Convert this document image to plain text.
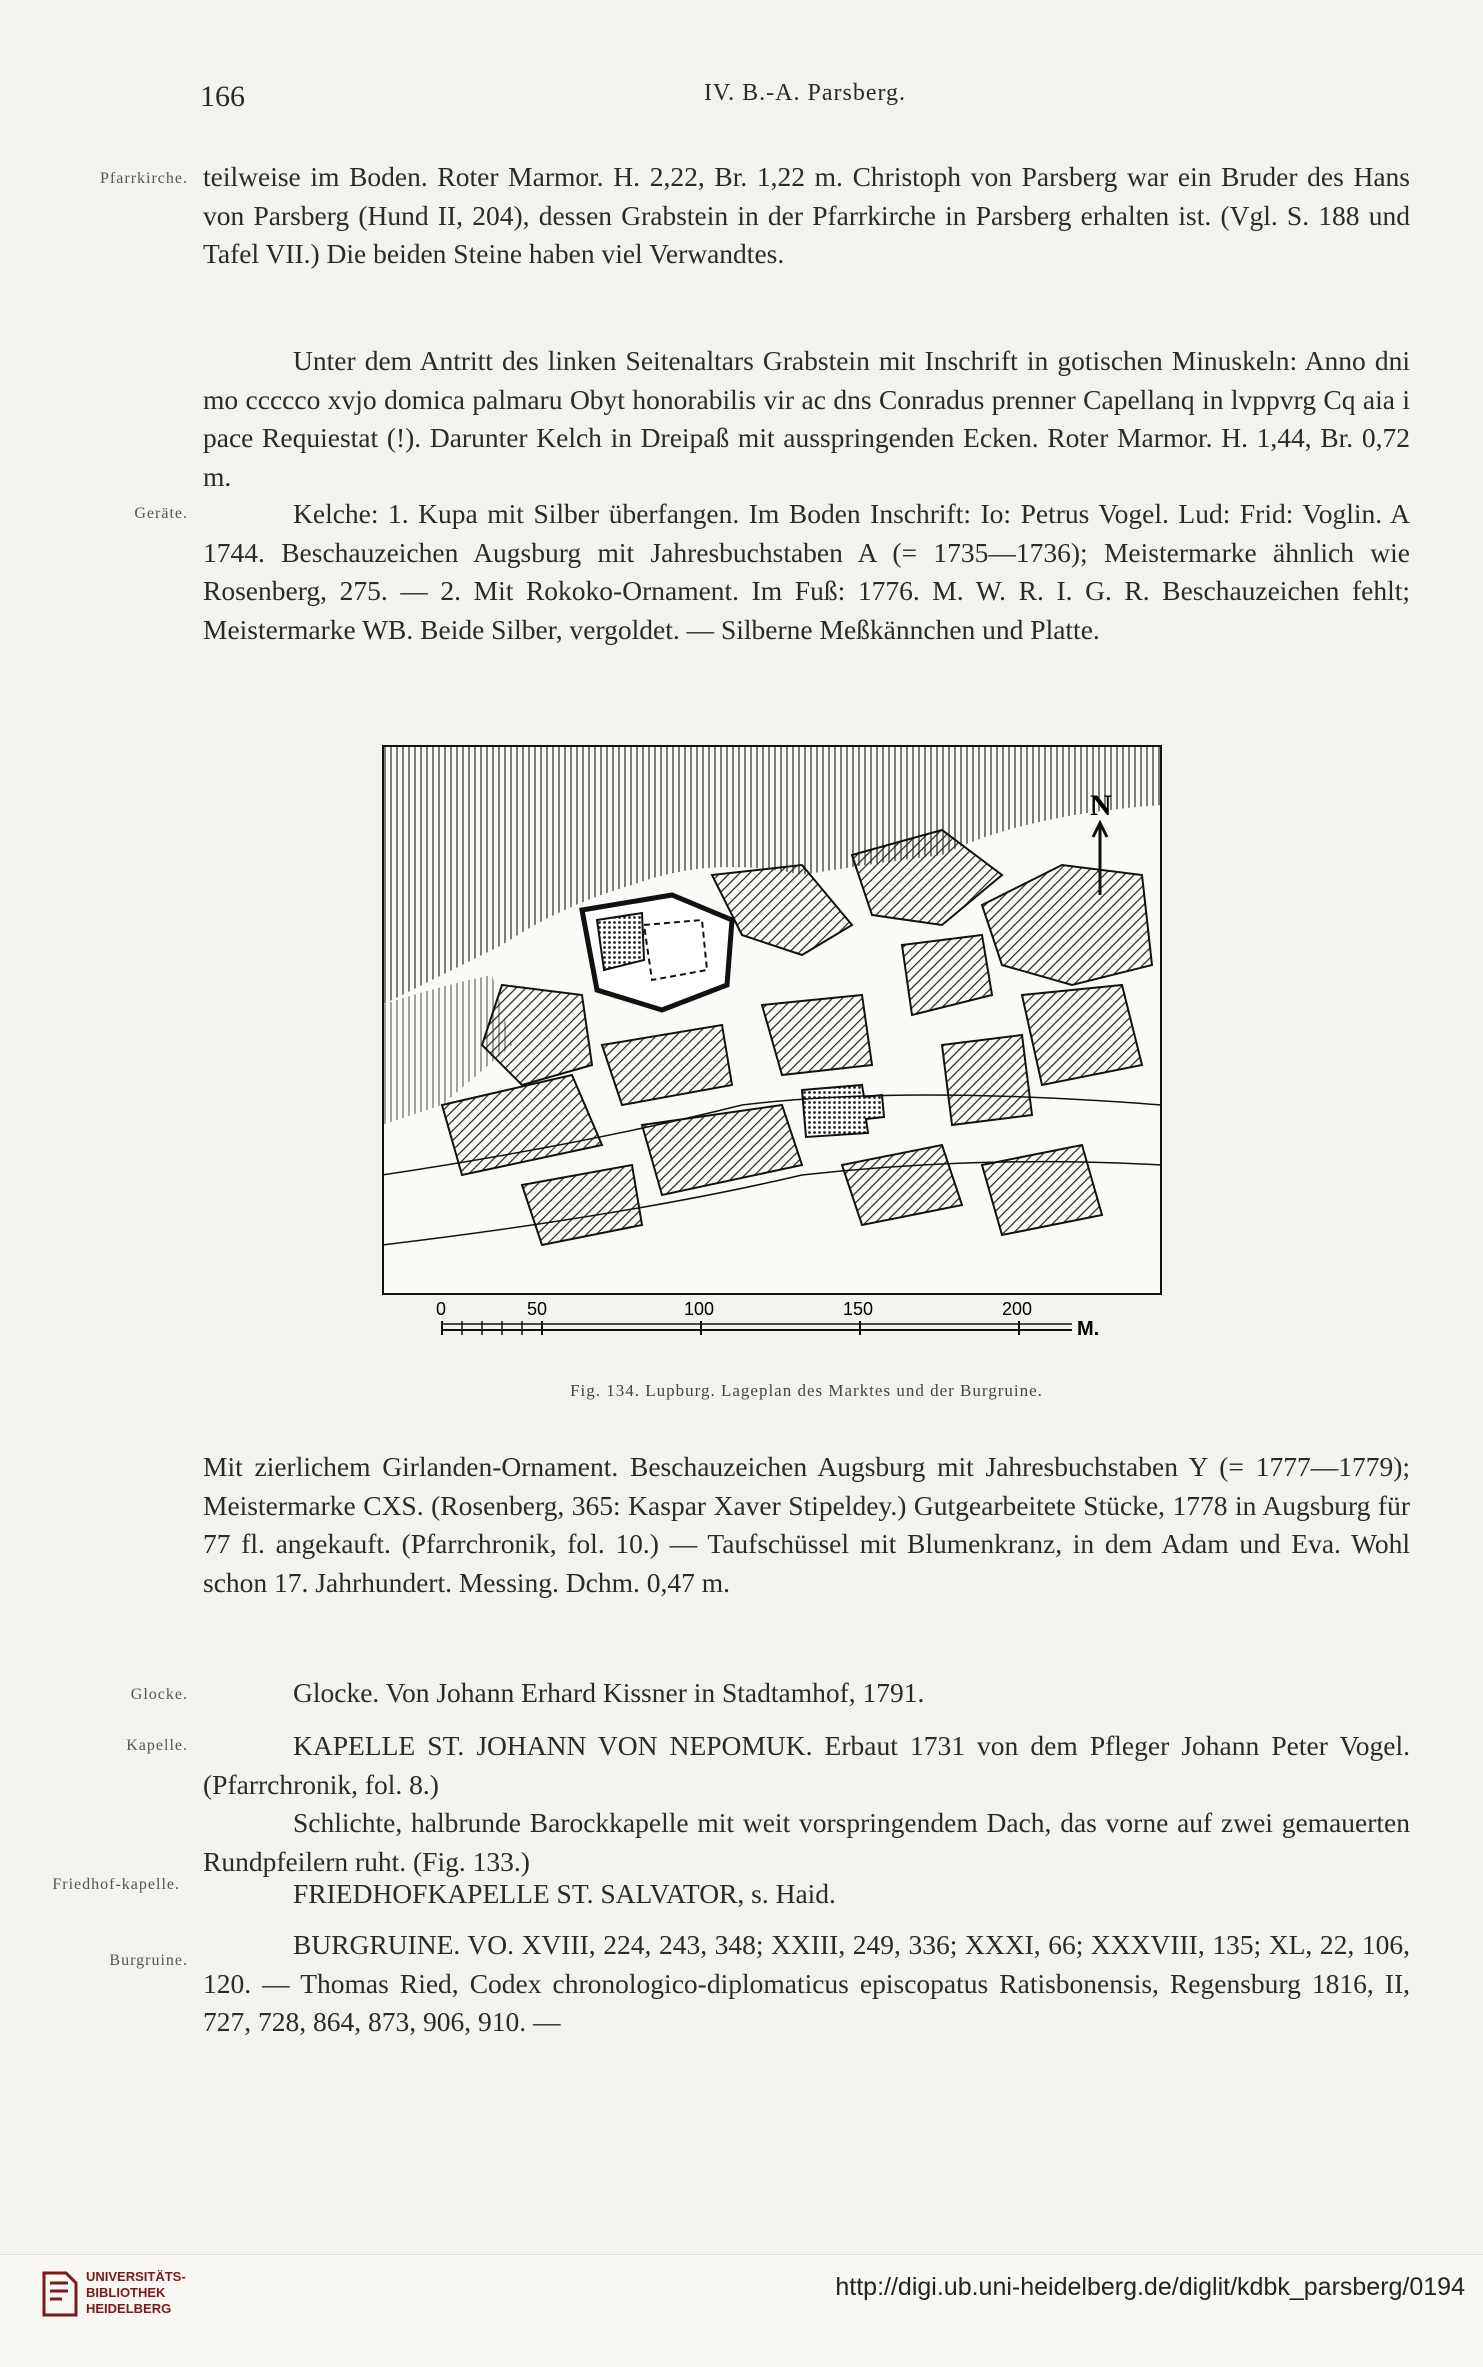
166	IV. B.-A. Parsberg.
Pfarrkirche.
Geräte.
Glocke.
Kapelle.
Friedhof-kapelle.
Burgruine.

teilweise im Boden. Roter Marmor. H. 2,22, Br. 1,22 m. Christoph von Parsberg war ein Bruder des Hans von Parsberg (Hund II, 204), dessen Grabstein in der Pfarrkirche in Parsberg erhalten ist. (Vgl. S. 188 und Tafel VII.) Die beiden Steine haben viel Verwandtes.

Unter dem Antritt des linken Seitenaltars Grabstein mit Inschrift in gotischen Minuskeln: Anno dni mo ccccco xvjo domica palmaru Obyt honorabilis vir ac dns Conradus prenner Capellanq in lvppvrg Cq aia i pace Requiestat (!). Darunter Kelch in Dreipaß mit ausspringenden Ecken. Roter Marmor. H. 1,44, Br. 0,72 m.

Kelche: 1. Kupa mit Silber überfangen. Im Boden Inschrift: Io: Petrus Vogel. Lud: Frid: Voglin. A 1744. Beschauzeichen Augsburg mit Jahresbuchstaben A (= 1735—1736); Meistermarke ähnlich wie Rosenberg, 275. — 2. Mit Rokoko-Ornament. Im Fuß: 1776. M. W. R. I. G. R. Beschauzeichen fehlt; Meistermarke WB. Beide Silber, vergoldet. — Silberne Meßkännchen und Platte.

N
0	50	100	150	200
M.
Fig. 134. Lupburg. Lageplan des Marktes und der Burgruine.

Mit zierlichem Girlanden-Ornament. Beschauzeichen Augsburg mit Jahresbuchstaben Y (= 1777—1779); Meistermarke CXS. (Rosenberg, 365: Kaspar Xaver Stipeldey.) Gutgearbeitete Stücke, 1778 in Augsburg für 77 fl. angekauft. (Pfarrchronik, fol. 10.) — Taufschüssel mit Blumenkranz, in dem Adam und Eva. Wohl schon 17. Jahrhundert. Messing. Dchm. 0,47 m.

Glocke. Von Johann Erhard Kissner in Stadtamhof, 1791.

KAPELLE ST. JOHANN VON NEPOMUK. Erbaut 1731 von dem Pfleger Johann Peter Vogel. (Pfarrchronik, fol. 8.)

Schlichte, halbrunde Barockkapelle mit weit vorspringendem Dach, das vorne auf zwei gemauerten Rundpfeilern ruht. (Fig. 133.)

FRIEDHOFKAPELLE ST. SALVATOR, s. Haid.

BURGRUINE. VO. XVIII, 224, 243, 348; XXIII, 249, 336; XXXI, 66; XXXVIII, 135; XL, 22, 106, 120. — Thomas Ried, Codex chronologico-diplomaticus episcopatus Ratisbonensis, Regensburg 1816, II, 727, 728, 864, 873, 906, 910. —

UNIVERSITÄTS-
BIBLIOTHEK
HEIDELBERG
http://digi.ub.uni-heidelberg.de/diglit/kdbk_parsberg/0194
